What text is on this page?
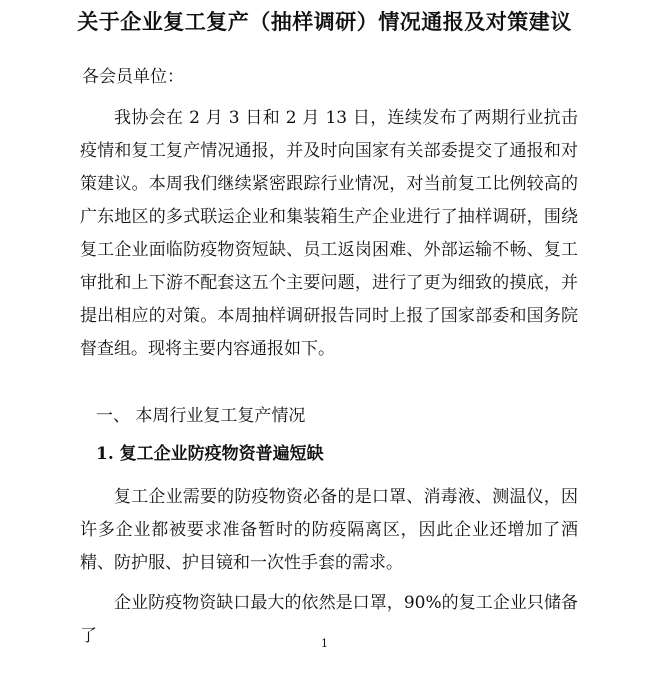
关于企业复工复产（抽样调研）情况通报及对策建议
各会员单位：

我协会在 2 月 3 日和 2 月 13 日，连续发布了两期行业抗击疫情和复工复产情况通报，并及时向国家有关部委提交了通报和对策建议。本周我们继续紧密跟踪行业情况，对当前复工比例较高的广东地区的多式联运企业和集装箱生产企业进行了抽样调研，围绕复工企业面临防疫物资短缺、员工返岗困难、外部运输不畅、复工审批和上下游不配套这五个主要问题，进行了更为细致的摸底，并提出相应的对策。本周抽样调研报告同时上报了国家部委和国务院督查组。现将主要内容通报如下。

一、 本周行业复工复产情况
1. 复工企业防疫物资普遍短缺

复工企业需要的防疫物资必备的是口罩、消毒液、测温仪，因许多企业都被要求准备暂时的防疫隔离区，因此企业还增加了酒精、防护服、护目镜和一次性手套的需求。

企业防疫物资缺口最大的依然是口罩，90%的复工企业只储备了	1
